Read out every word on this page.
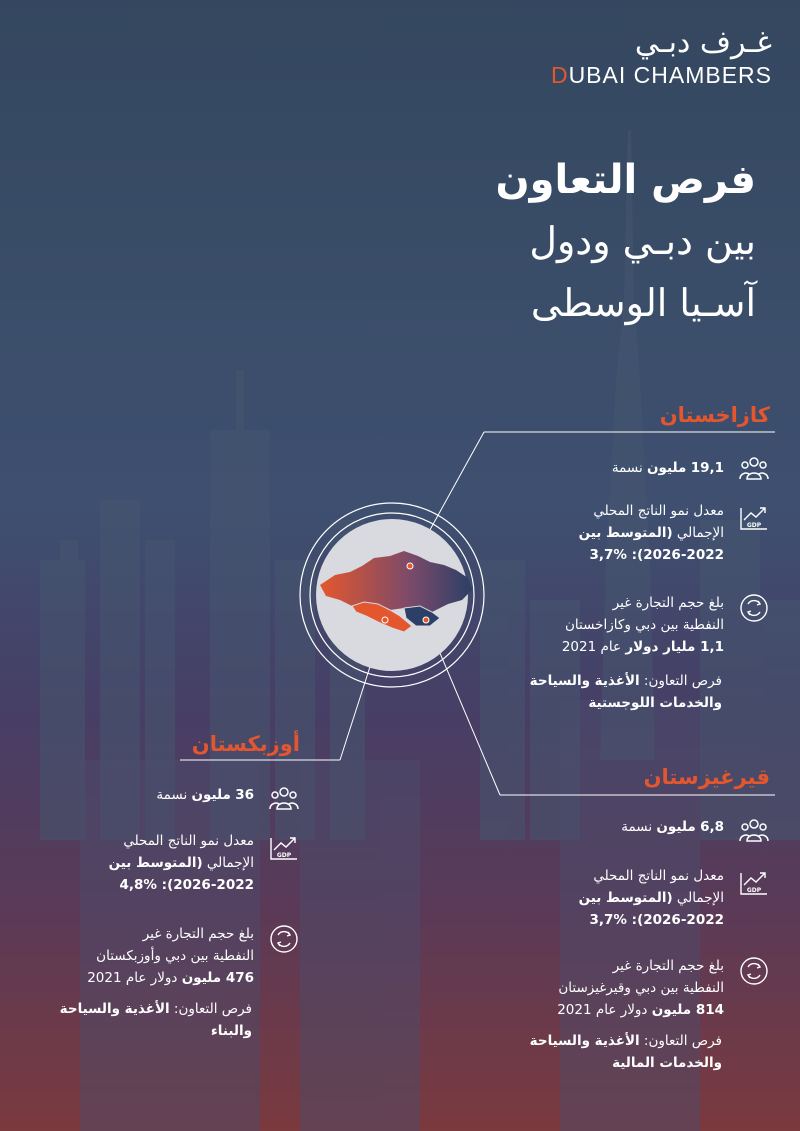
غـرف دبـي
DUBAI CHAMBERS
فرص التعاون
بين دبـي ودول
آسـيا الوسطى
كازاخستان
19,1 مليون نسمة
GDP
معدل نمو الناتج المحلي
الإجمالي (المتوسط بين
2026-2022): 3,7%
بلغ حجم التجارة غير
النفطية بين دبي وكازاخستان
1,1 مليار دولار عام 2021
فرص التعاون: الأغذية والسياحة
والخدمات اللوجستية
أوزبكستان
36 مليون نسمة
GDP
معدل نمو الناتج المحلي
الإجمالي (المتوسط بين
2026-2022): 4,8%
بلغ حجم التجارة غير
النفطية بين دبي وأوزبكستان
476 مليون دولار عام 2021
فرص التعاون: الأغذية والسياحة
والبناء
قيرغيزستان
6,8 مليون نسمة
GDP
معدل نمو الناتج المحلي
الإجمالي (المتوسط بين
2026-2022): 3,7%
بلغ حجم التجارة غير
النفطية بين دبي وقيرغيزستان
814 مليون دولار عام 2021
فرص التعاون: الأغذية والسياحة
والخدمات المالية
